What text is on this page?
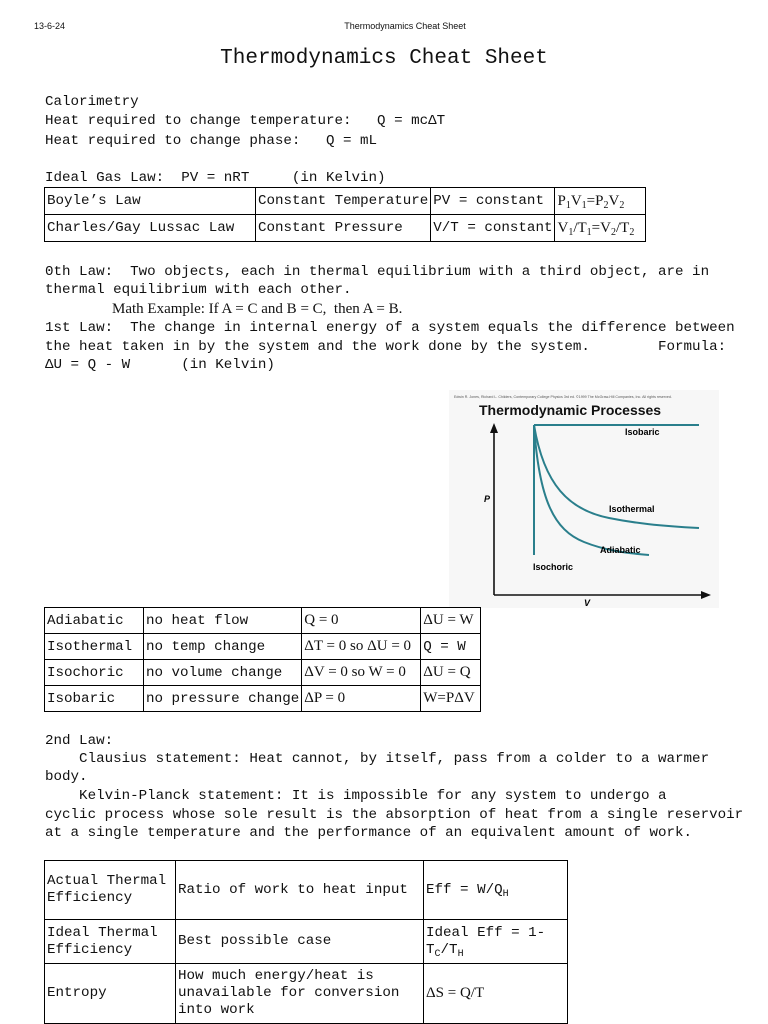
13-6-24	Thermodynamics Cheat Sheet
Thermodynamics Cheat Sheet
Calorimetry
Heat required to change temperature:   Q = mcΔT
Heat required to change phase:   Q = mL
Ideal Gas Law:  PV = nRT     (in Kelvin)
Boyle’s Law	Constant Temperature	PV = constant	$P_1V_1=P_2V_2$
Charles/Gay Lussac Law	Constant Pressure	V/T = constant	$V_1/T_1=V_2/T_2$
0th Law:  Two objects, each in thermal equilibrium with a third object, are in
thermal equilibrium with each other.
Math Example: If A = C and B = C,  then A = B.
1st Law:  The change in internal energy of a system equals the difference between
the heat taken in by the system and the work done by the system.        Formula:
ΔU = Q - W      (in Kelvin)
Edwin R. Jones, Richard L. Childers, Contemporary College Physics 3rd ed. ©1999 The McGraw-Hill Companies, Inc. All rights reserved.
Thermodynamic Processes
P
V
Isobaric
Isothermal
Adiabatic
Isochoric
Adiabatic	no heat flow	Q = 0	ΔU = W
Isothermal	no temp change	ΔT = 0 so ΔU = 0	Q = W
Isochoric	no volume change	ΔV = 0 so W = 0	ΔU = Q
Isobaric	no pressure change	ΔP = 0	W=PΔV
2nd Law:
Clausius statement: Heat cannot, by itself, pass from a colder to a warmer
body.
Kelvin-Planck statement: It is impossible for any system to undergo a
cyclic process whose sole result is the absorption of heat from a single reservoir
at a single temperature and the performance of an equivalent amount of work.
Actual Thermal Efficiency	Ratio of work to heat input	Eff = $W/Q_H$
Ideal Thermal Efficiency	Best possible case	Ideal Eff = 1-
$T_C/T_H$
Entropy	How much energy/heat is unavailable for conversion into work	ΔS = Q/T
